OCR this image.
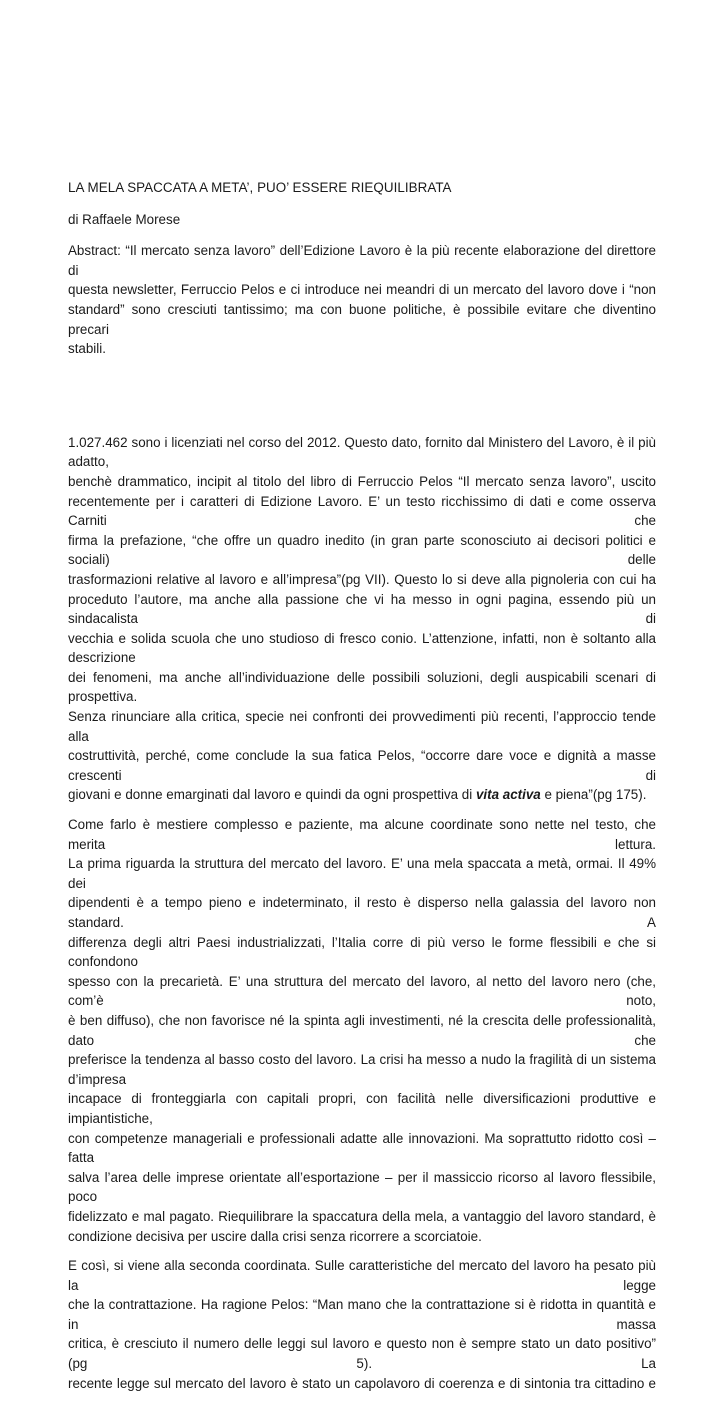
LA MELA SPACCATA A META’, PUO’ ESSERE RIEQUILIBRATA
di Raffaele Morese
Abstract: “Il mercato senza lavoro” dell’Edizione Lavoro è la più recente elaborazione del direttore di
questa newsletter, Ferruccio Pelos e ci introduce nei meandri di un mercato del lavoro dove i “non
standard” sono cresciuti tantissimo; ma con buone politiche, è possibile evitare che diventino precari
stabili.
1.027.462 sono i licenziati nel corso del 2012. Questo dato, fornito dal Ministero del Lavoro, è il più adatto,
benchè drammatico, incipit al titolo del libro di Ferruccio Pelos “Il mercato senza lavoro”, uscito
recentemente per i caratteri di Edizione Lavoro. E’ un testo ricchissimo di dati e come osserva Carniti che
firma la prefazione, “che offre un quadro inedito (in gran parte sconosciuto ai decisori politici e sociali) delle
trasformazioni relative al lavoro e all’impresa”(pg VII). Questo lo si deve alla pignoleria con cui ha
proceduto l’autore, ma anche alla passione che vi ha messo in ogni pagina, essendo più un sindacalista di
vecchia e solida scuola che uno studioso di fresco conio. L’attenzione, infatti, non è soltanto alla descrizione
dei fenomeni, ma anche all’individuazione delle possibili soluzioni, degli auspicabili scenari di prospettiva.
Senza rinunciare alla critica, specie nei confronti dei provvedimenti più recenti, l’approccio tende alla
costruttività, perché, come conclude la sua fatica Pelos, “occorre dare voce e dignità a masse crescenti di
giovani e donne emarginati dal lavoro e quindi da ogni prospettiva di vita activa e piena”(pg 175).
Come farlo è mestiere complesso e paziente, ma alcune coordinate sono nette nel testo, che merita lettura.
La prima riguarda la struttura del mercato del lavoro. E’ una mela spaccata a metà, ormai. Il 49% dei
dipendenti è a tempo pieno e indeterminato, il resto è disperso nella galassia del lavoro non standard. A
differenza degli altri Paesi industrializzati, l’Italia corre di più verso le forme flessibili e che si confondono
spesso con la precarietà. E’ una struttura del mercato del lavoro, al netto del lavoro nero (che, com’è noto,
è ben diffuso), che non favorisce né la spinta agli investimenti, né la crescita delle professionalità, dato che
preferisce la tendenza al basso costo del lavoro. La crisi ha messo a nudo la fragilità di un sistema d’impresa
incapace di fronteggiarla con capitali propri, con facilità nelle diversificazioni produttive e impiantistiche,
con competenze manageriali e professionali adatte alle innovazioni. Ma soprattutto ridotto così – fatta
salva l’area delle imprese orientate all’esportazione – per il massiccio ricorso al lavoro flessibile, poco
fidelizzato e mal pagato. Riequilibrare la spaccatura della mela, a vantaggio del lavoro standard, è
condizione decisiva per uscire dalla crisi senza ricorrere a scorciatoie.
E così, si viene alla seconda coordinata. Sulle caratteristiche del mercato del lavoro ha pesato più la legge
che la contrattazione. Ha ragione Pelos: “Man mano che la contrattazione si è ridotta in quantità e in massa
critica, è cresciuto il numero delle leggi sul lavoro e questo non è sempre stato un dato positivo” (pg 5). La
recente legge sul mercato del lavoro è stato un capolavoro di coerenza e di sintonia tra cittadino e
